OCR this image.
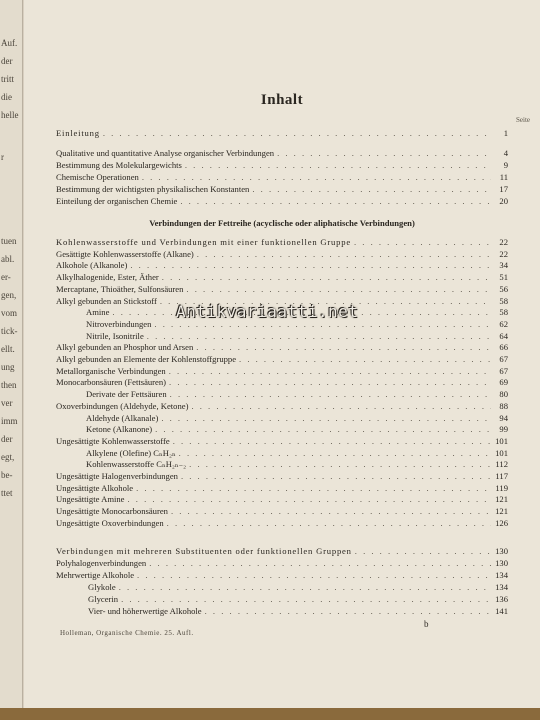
Auf.
der
tritt
die
helle
r
tuen
abl.
er-
gen,
vom
tick-
ellt.
ung
then
ver
imm
der
egt,
be-
ttet
Inhalt
Seite
Verbindungen der Fettreihe (acyclische oder aliphatische Verbindungen)
Holleman, Organische Chemie. 25. Aufl.
b
Antikvariaatti.net
Einleitung . . .	1
Qualitative und quantitative Analyse organischer Verbindungen . . .	4
Bestimmung des Molekulargewichts . . .	9
Chemische Operationen . . .	11
Bestimmung der wichtigsten physikalischen Konstanten . . .	17
Einteilung der organischen Chemie . . .	20
Kohlenwasserstoffe und Verbindungen mit einer funktionellen Gruppe . . .	22
Gesättigte Kohlenwasserstoffe (Alkane) . . .	22
Alkohole (Alkanole) . . .	34
Alkylhalogenide, Ester, Äther . . .	51
Mercaptane, Thioäther, Sulfonsäuren . . .	56
Alkyl gebunden an Stickstoff . . .	58
Amine . . .	58
Nitroverbindungen . . .	62
Nitrile, Isonitrile . . .	64
Alkyl gebunden an Phosphor und Arsen . . .	66
Alkyl gebunden an Elemente der Kohlenstoffgruppe . . .	67
Metallorganische Verbindungen . . .	67
Monocarbonsäuren (Fettsäuren) . . .	69
Derivate der Fettsäuren . . .	80
Oxoverbindungen (Aldehyde, Ketone) . . .	88
Aldehyde (Alkanale) . . .	94
Ketone (Alkanone) . . .	99
Ungesättigte Kohlenwasserstoffe . . .	101
Alkylene (Olefine) CₙH₂ₙ . . .	101
Kohlenwasserstoffe CₙH₂ₙ₋₂ . . .	112
Ungesättigte Halogenverbindungen . . .	117
Ungesättigte Alkohole . . .	119
Ungesättigte Amine . . .	121
Ungesättigte Monocarbonsäuren . . .	121
Ungesättigte Oxoverbindungen . . .	126
Verbindungen mit mehreren Substituenten oder funktionellen Gruppen . . .	130
Polyhalogenverbindungen . . .	130
Mehrwertige Alkohole . . .	134
Glykole . . .	134
Glycerin . . .	136
Vier- und höherwertige Alkohole . . .	141
